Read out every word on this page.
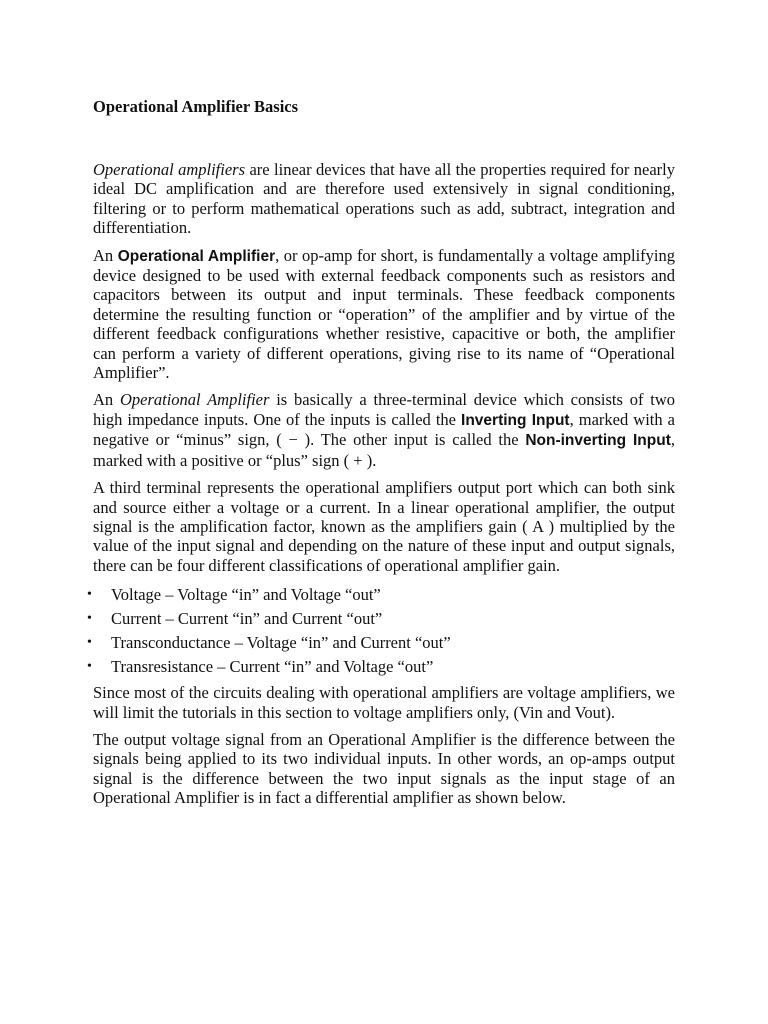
Operational Amplifier Basics

Operational amplifiers are linear devices that have all the properties required for nearly ideal DC amplification and are therefore used extensively in signal conditioning, filtering or to perform mathematical operations such as add, subtract, integration and differentiation.

An Operational Amplifier, or op-amp for short, is fundamentally a voltage amplifying device designed to be used with external feedback components such as resistors and capacitors between its output and input terminals. These feedback components determine the resulting function or “operation” of the amplifier and by virtue of the different feedback configurations whether resistive, capacitive or both, the amplifier can perform a variety of different operations, giving rise to its name of “Operational Amplifier”.

An Operational Amplifier is basically a three-terminal device which consists of two high impedance inputs. One of the inputs is called the Inverting Input, marked with a negative or “minus” sign, ( − ). The other input is called the Non-inverting Input, marked with a positive or “plus” sign ( + ).

A third terminal represents the operational amplifiers output port which can both sink and source either a voltage or a current. In a linear operational amplifier, the output signal is the amplification factor, known as the amplifiers gain ( A ) multiplied by the value of the input signal and depending on the nature of these input and output signals, there can be four different classifications of operational amplifier gain.

• Voltage – Voltage “in” and Voltage “out”
• Current – Current “in” and Current “out”
• Transconductance – Voltage “in” and Current “out”
• Transresistance – Current “in” and Voltage “out”

Since most of the circuits dealing with operational amplifiers are voltage amplifiers, we will limit the tutorials in this section to voltage amplifiers only, (Vin and Vout).

The output voltage signal from an Operational Amplifier is the difference between the signals being applied to its two individual inputs. In other words, an op-amps output signal is the difference between the two input signals as the input stage of an Operational Amplifier is in fact a differential amplifier as shown below.
